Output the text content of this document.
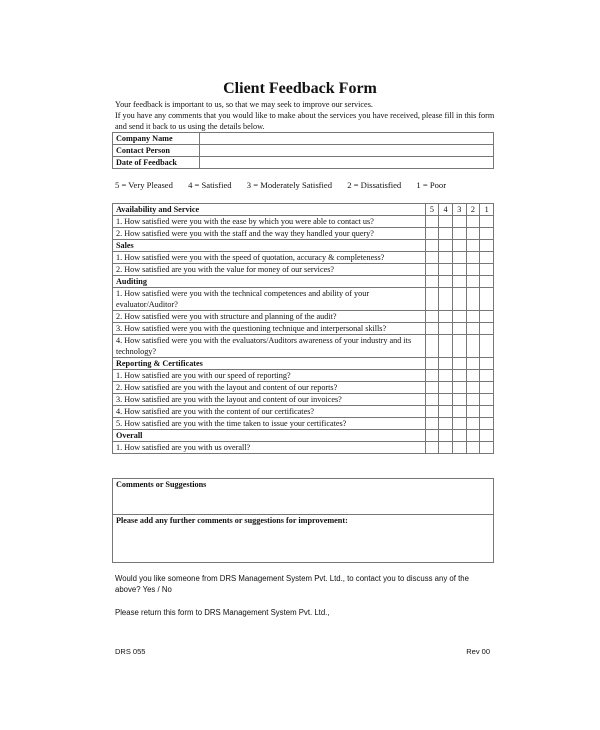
Client Feedback Form

Your feedback is important to us, so that we may seek to improve our services.

If you have any comments that you would like to make about the services you have received, please fill in this form and send it back to us using the details below.

Company Name	
Contact Person	
Date of Feedback	
5 = Very Pleased 4 = Satisfied 3 = Moderately Satisfied 2 = Dissatisfied 1 = Poor
Availability and Service	5	4	3	2	1
1. How satisfied were you with the ease by which you were able to contact us?					
2. How satisfied were you with the staff and the way they handled your query?					
Sales					
1. How satisfied were you with the speed of quotation, accuracy & completeness?					
2. How satisfied are you with the value for money of our services?					
Auditing					
1. How satisfied were you with the technical competences and ability of your evaluator/Auditor?					
2. How satisfied were you with structure and planning of the audit?					
3. How satisfied were you with the questioning technique and interpersonal skills?					
4. How satisfied were you with the evaluators/Auditors awareness of your industry and its technology?					
Reporting & Certificates					
1. How satisfied are you with our speed of reporting?					
2. How satisfied are you with the layout and content of our reports?					
3. How satisfied are you with the layout and content of our invoices?					
4. How satisfied are you with the content of our certificates?					
5. How satisfied are you with the time taken to issue your certificates?					
Overall					
1. How satisfied are you with us overall?					
Comments or Suggestions
Please add any further comments or suggestions for improvement:
Would you like someone from DRS Management System Pvt. Ltd., to contact you to discuss any of the above? Yes / No
Please return this form to DRS Management System Pvt. Ltd.,
DRS 055	Rev 00
